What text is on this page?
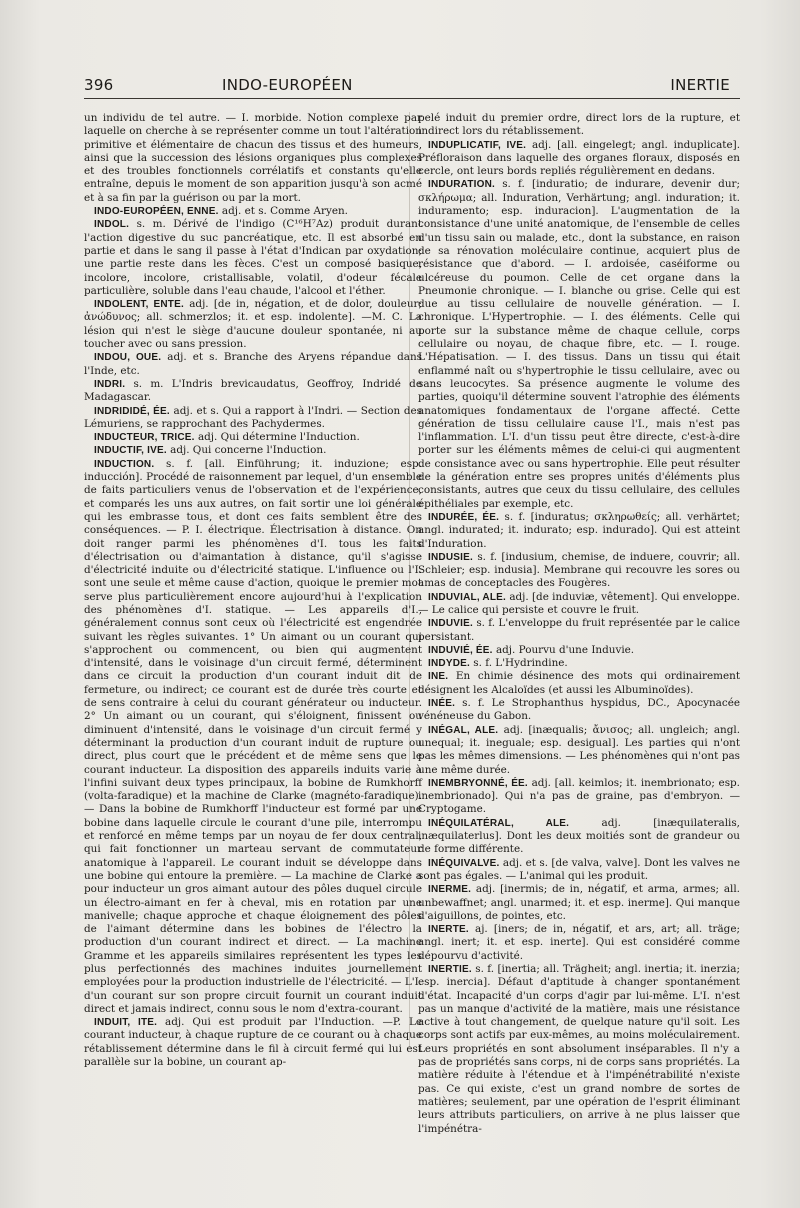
396	INDO-EUROPÉEN	INERTIE

un individu de tel autre. — I. morbide. Notion complexe par laquelle on cherche à se représenter comme un tout l'altération primitive et élémentaire de chacun des tissus et des humeurs, ainsi que la succession des lésions organiques plus complexes et des troubles fonctionnels corrélatifs et constants qu'elle entraîne, depuis le moment de son apparition jusqu'à son acmé et à sa fin par la guérison ou par la mort.

INDO-EUROPÉEN, ENNE. adj. et s. Comme Aryen.

INDOL. s. m. Dérivé de l'indigo (C¹⁶H⁷Az) produit durant l'action digestive du suc pancréatique, etc. Il est absorbé en partie et dans le sang il passe à l'état d'Indican par oxydation; une partie reste dans les fèces. C'est un composé basique, incolore, incolore, cristallisable, volatil, d'odeur fécale particulière, soluble dans l'eau chaude, l'alcool et l'éther.

INDOLENT, ENTE. adj. [de in, négation, et de dolor, douleur; ἀνώδυνος; all. schmerzlos; it. et esp. indolente]. —M. C. La lésion qui n'est le siège d'aucune douleur spontanée, ni au toucher avec ou sans pression.

INDOU, OUE. adj. et s. Branche des Aryens répandue dans l'Inde, etc.

INDRI. s. m. L'Indris brevicaudatus, Geoffroy, Indridé de Madagascar.

INDRIDIDÉ, ÉE. adj. et s. Qui a rapport à l'Indri. — Section des Lémuriens, se rapprochant des Pachydermes.

INDUCTEUR, TRICE. adj. Qui détermine l'Induction.

INDUCTIF, IVE. adj. Qui concerne l'Induction.

INDUCTION. s. f. [all. Einführung; it. induzione; esp. inducción]. Procédé de raisonnement par lequel, d'un ensemble de faits particuliers venus de l'observation et de l'expérience, et comparés les uns aux autres, on fait sortir une loi générale qui les embrasse tous, et dont ces faits semblent être des conséquences. — P. I. électrique. Électrisation à distance. On doit ranger parmi les phénomènes d'I. tous les faits d'électrisation ou d'aimantation à distance, qu'il s'agisse d'électricité induite ou d'électricité statique. L'influence ou l'I. sont une seule et même cause d'action, quoique le premier mot serve plus particulièrement encore aujourd'hui à l'explication des phénomènes d'I. statique. — Les appareils d'I., généralement connus sont ceux où l'électricité est engendrée suivant les règles suivantes. 1° Un aimant ou un courant qui s'approchent ou commencent, ou bien qui augmentent d'intensité, dans le voisinage d'un circuit fermé, déterminent dans ce circuit la production d'un courant induit dit de fermeture, ou indirect; ce courant est de durée très courte et de sens contraire à celui du courant générateur ou inducteur. 2° Un aimant ou un courant, qui s'éloignent, finissent ou diminuent d'intensité, dans le voisinage d'un circuit fermé y déterminant la production d'un courant induit de rupture ou direct, plus court que le précédent et de même sens que le courant inducteur. La disposition des appareils induits varie à l'infini suivant deux types principaux, la bobine de Rumkhorff (volta-faradique) et la machine de Clarke (magnéto-faradique). — Dans la bobine de Rumkhorff l'inducteur est formé par une bobine dans laquelle circule le courant d'une pile, interrompu et renforcé en même temps par un noyau de fer doux central, qui fait fonctionner un marteau servant de commutateur anatomique à l'appareil. Le courant induit se développe dans une bobine qui entoure la première. — La machine de Clarke a pour inducteur un gros aimant autour des pôles duquel circule un électro-aimant en fer à cheval, mis en rotation par une manivelle; chaque approche et chaque éloignement des pôles de l'aimant détermine dans les bobines de l'électro la production d'un courant indirect et direct. — La machine Gramme et les appareils similaires représentent les types les plus perfectionnés des machines induites journellement employées pour la production industrielle de l'électricité. — L'I. d'un courant sur son propre circuit fournit un courant induit direct et jamais indirect, connu sous le nom d'extra-courant.

INDUIT, ITE. adj. Qui est produit par l'Induction. —P. Le courant inducteur, à chaque rupture de ce courant ou à chaque rétablissement détermine dans le fil à circuit fermé qui lui est parallèle sur la bobine, un courant ap-

pelé induit du premier ordre, direct lors de la rupture, et indirect lors du rétablissement.

INDUPLICATIF, IVE. adj. [all. eingelegt; angl. induplicate]. Préfloraison dans laquelle des organes floraux, disposés en cercle, ont leurs bords repliés régulièrement en dedans.

INDURATION. s. f. [induratio; de indurare, devenir dur; σκλήρωμα; all. Induration, Verhärtung; angl. induration; it. induramento; esp. induracion]. L'augmentation de la consistance d'une unité anatomique, de l'ensemble de celles d'un tissu sain ou malade, etc., dont la substance, en raison de sa rénovation moléculaire continue, acquiert plus de résistance que d'abord. — I. ardoisée, caséiforme ou ulcéreuse du poumon. Celle de cet organe dans la Pneumonie chronique. — I. blanche ou grise. Celle qui est due au tissu cellulaire de nouvelle génération. — I. chronique. L'Hypertrophie. — I. des éléments. Celle qui porte sur la substance même de chaque cellule, corps cellulaire ou noyau, de chaque fibre, etc. — I. rouge. L'Hépatisation. — I. des tissus. Dans un tissu qui était enflammé naît ou s'hypertrophie le tissu cellulaire, avec ou sans leucocytes. Sa présence augmente le volume des parties, quoiqu'il détermine souvent l'atrophie des éléments anatomiques fondamentaux de l'organe affecté. Cette génération de tissu cellulaire cause l'I., mais n'est pas l'inflammation. L'I. d'un tissu peut être directe, c'est-à-dire porter sur les éléments mêmes de celui-ci qui augmentent de consistance avec ou sans hypertrophie. Elle peut résulter de la génération entre ses propres unités d'éléments plus consistants, autres que ceux du tissu cellulaire, des cellules épithéliales par exemple, etc.

INDURÉE, ÉE. s. f. [induratus; σκληρωθείς; all. verhärtet; angl. indurated; it. indurato; esp. indurado]. Qui est atteint d'Induration.

INDUSIE. s. f. [indusium, chemise, de induere, couvrir; all. Schleier; esp. indusia]. Membrane qui recouvre les sores ou amas de conceptacles des Fougères.

INDUVIAL, ALE. adj. [de induviæ, vêtement]. Qui enveloppe. — Le calice qui persiste et couvre le fruit.

INDUVIE. s. f. L'enveloppe du fruit représentée par le calice persistant.

INDUVIÉ, ÉE. adj. Pourvu d'une Induvie.

INDYDE. s. f. L'Hydrindine.

INE. En chimie désinence des mots qui ordinairement désignent les Alcaloïdes (et aussi les Albuminoïdes).

INÉE. s. f. Le Strophanthus hyspidus, DC., Apocynacée vénéneuse du Gabon.

INÉGAL, ALE. adj. [inæqualis; ἄνισος; all. ungleich; angl. unequal; it. ineguale; esp. desigual]. Les parties qui n'ont pas les mêmes dimensions. — Les phénomènes qui n'ont pas une même durée.

INEMBRYONNÉ, ÉE. adj. [all. keimlos; it. inembrionato; esp. inembrionado]. Qui n'a pas de graine, pas d'embryon. — Cryptogame.

INÉQUILATÉRAL, ALE.	adj. [inæquilateralis, inæquilaterlus]. Dont les deux moitiés sont de grandeur ou de forme différente.

INÉQUIVALVE. adj. et s. [de valva, valve]. Dont les valves ne sont pas égales. — L'animal qui les produit.

INERME. adj. [inermis; de in, négatif, et arma, armes; all. unbewaffnet; angl. unarmed; it. et esp. inerme]. Qui manque d'aiguillons, de pointes, etc.

INERTE. aj. [iners; de in, négatif, et ars, art; all. träge; angl. inert; it. et esp. inerte]. Qui est considéré comme dépourvu d'activité.

INERTIE. s. f. [inertia; all. Trägheit; angl. inertia; it. inerzia; esp. inercia]. Défaut d'aptitude à changer spontanément d'état. Incapacité d'un corps d'agir par lui-même. L'I. n'est pas un manque d'activité de la matière, mais une résistance active à tout changement, de quelque nature qu'il soit. Les corps sont actifs par eux-mêmes, au moins moléculairement. Leurs propriétés en sont absolument inséparables. Il n'y a pas de propriétés sans corps, ni de corps sans propriétés. La matière réduite à l'étendue et à l'impénétrabilité n'existe pas. Ce qui existe, c'est un grand nombre de sortes de matières; seulement, par une opération de l'esprit éliminant leurs attributs particuliers, on arrive à ne plus laisser que l'impénétra-
